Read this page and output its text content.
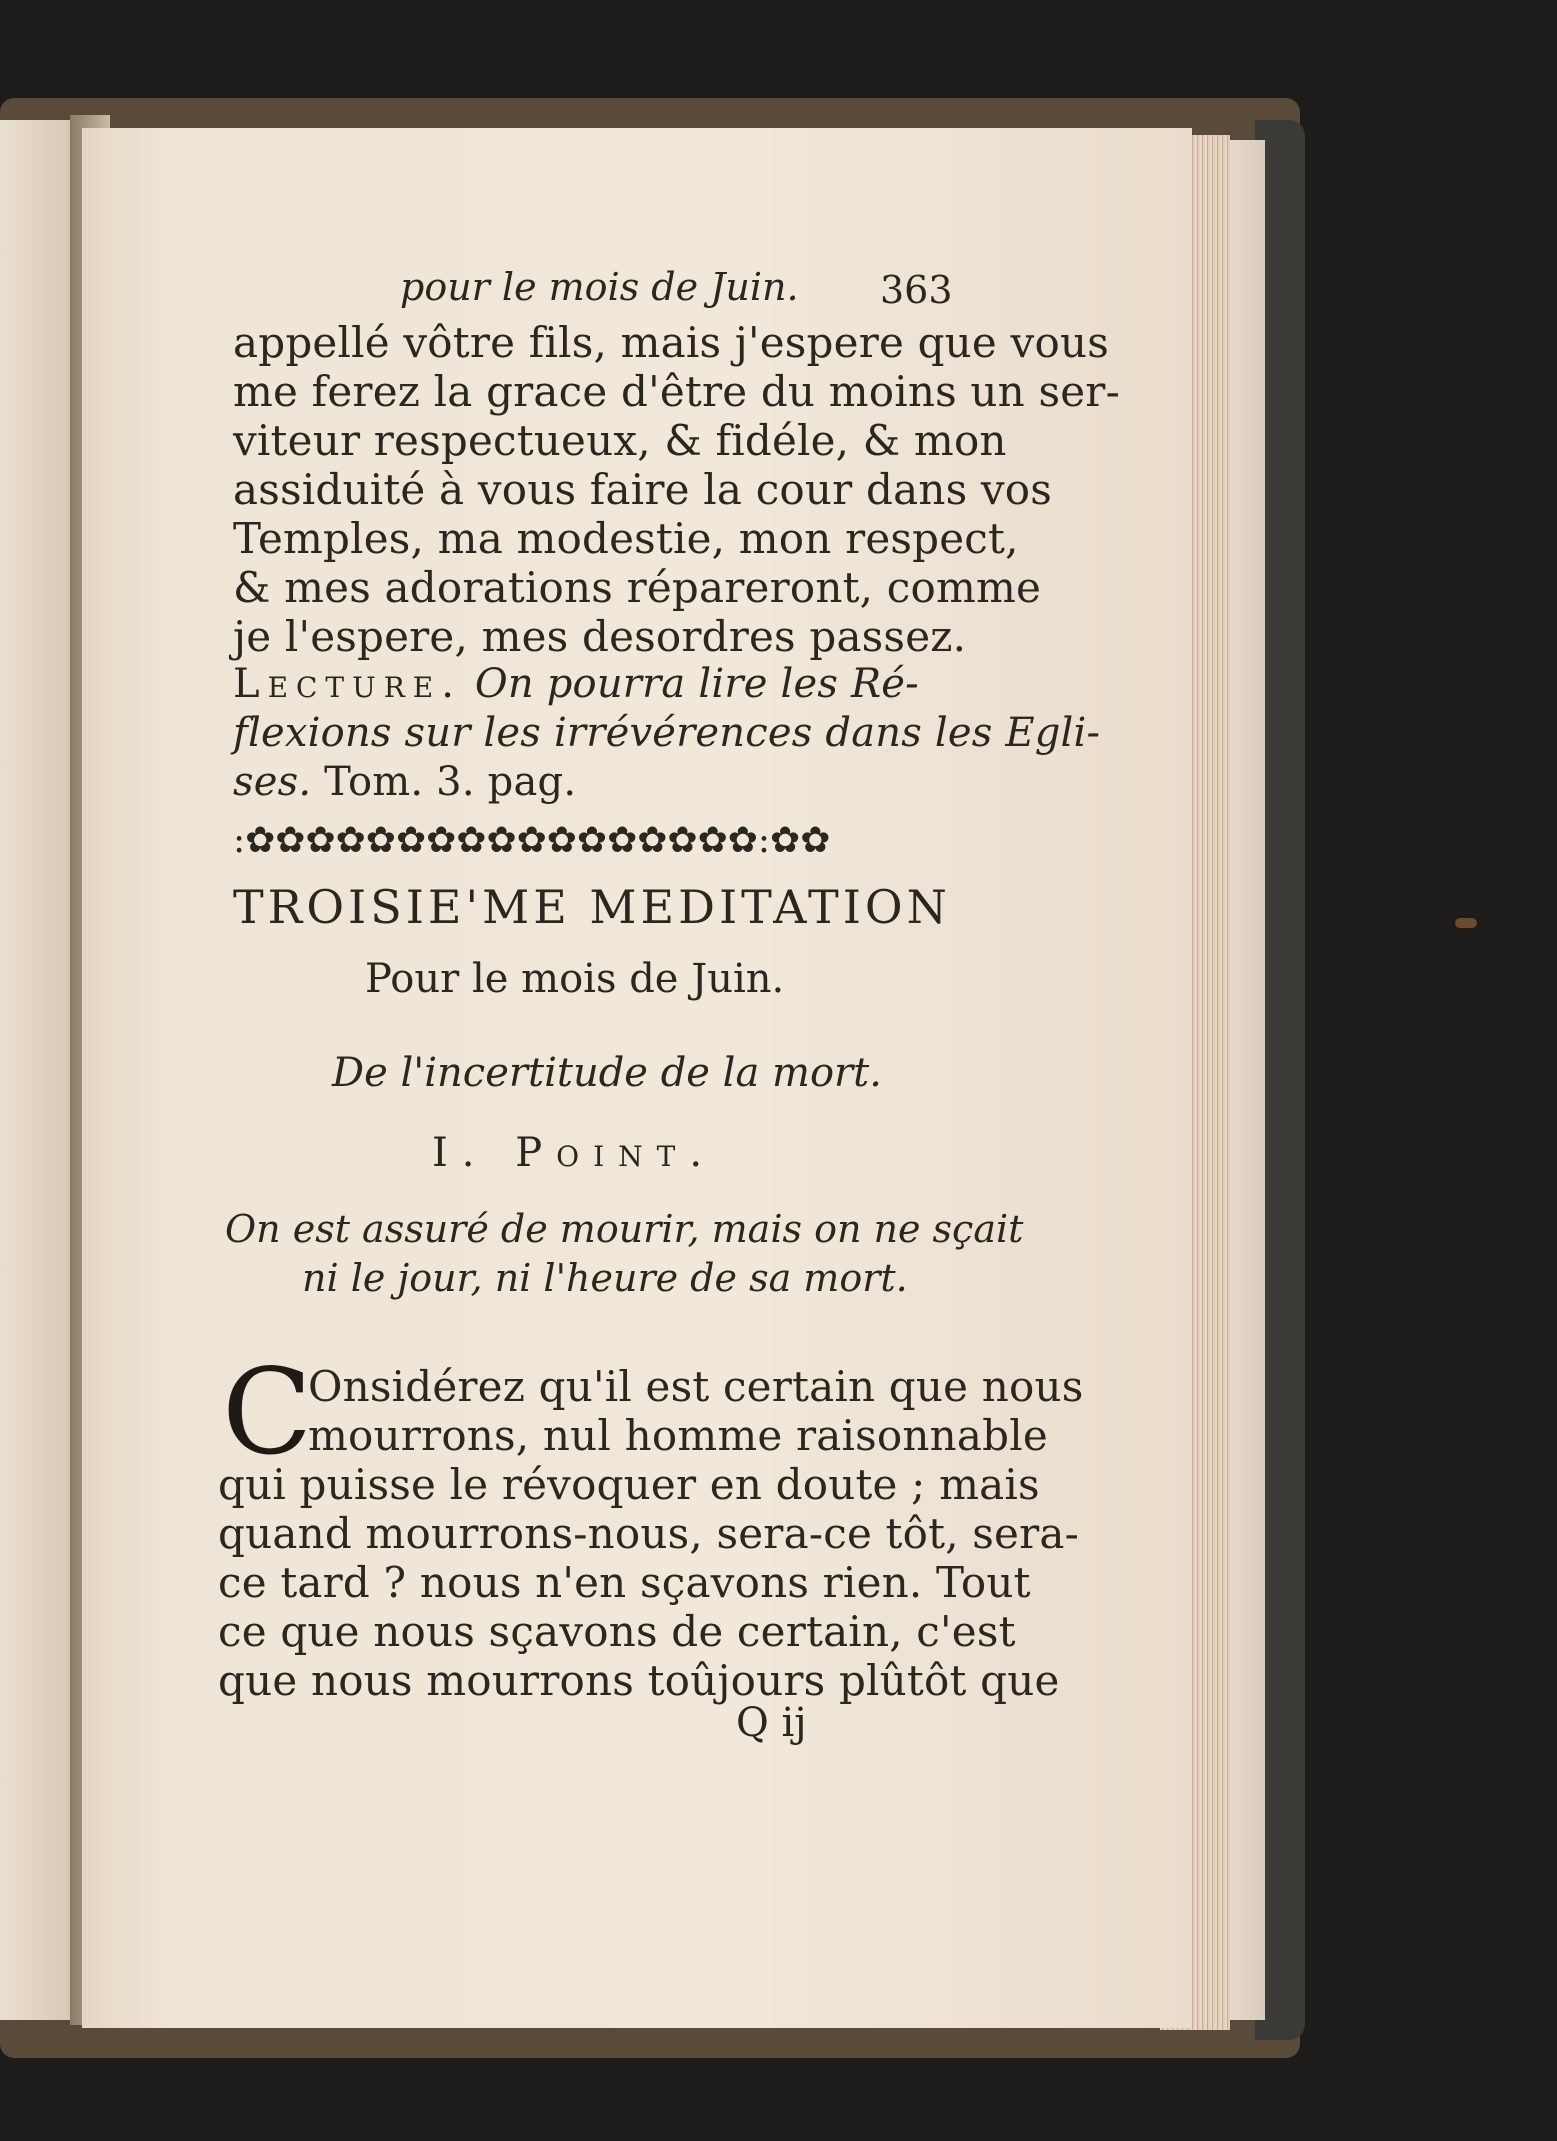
pour le mois de Juin. 363
appellé vôtre fils, mais j'espere que vous
me ferez la grace d'être du moins un ser-
viteur respectueux, & fidéle, & mon
assiduité à vous faire la cour dans vos
Temples, ma modestie, mon respect,
& mes adorations répareront, comme
je l'espere, mes desordres passez.
Lecture. On pourra lire les Ré-
flexions sur les irrévérences dans les Egli-
ses. Tom. 3. pag.
:✿✿✿✿✿✿✿✿✿✿✿✿✿✿✿✿✿:✿✿
TROISIE'ME MEDITATION
Pour le mois de Juin.
De l'incertitude de la mort.
I. Point.
On est assuré de mourir, mais on ne sçait
ni le jour, ni l'heure de sa mort.
C
Onsidérez qu'il est certain que nous
mourrons, nul homme raisonnable
qui puisse le révoquer en doute ; mais
quand mourrons-nous, sera-ce tôt, sera-
ce tard ? nous n'en sçavons rien. Tout
ce que nous sçavons de certain, c'est
que nous mourrons toûjours plûtôt que
Q ij
